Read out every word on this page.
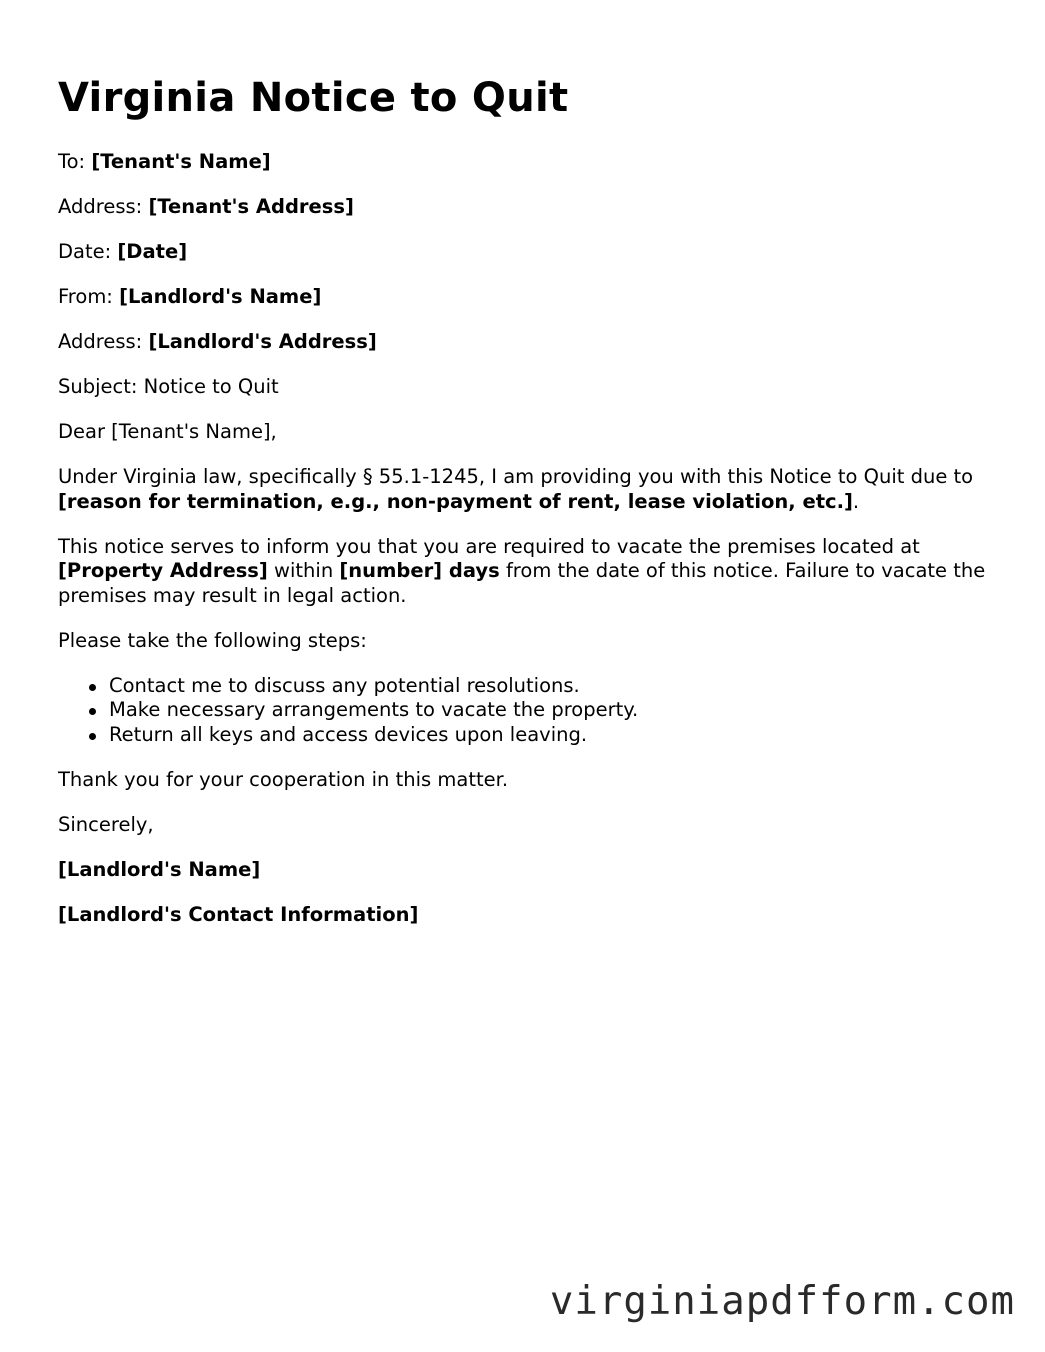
Virginia Notice to Quit

To: [Tenant's Name]

Address: [Tenant's Address]

Date: [Date]

From: [Landlord's Name]

Address: [Landlord's Address]

Subject: Notice to Quit

Dear [Tenant's Name],

Under Virginia law, specifically § 55.1-1245, I am providing you with this Notice to Quit due to [reason for termination, e.g., non-payment of rent, lease violation, etc.].

This notice serves to inform you that you are required to vacate the premises located at [Property Address] within [number] days from the date of this notice. Failure to vacate the premises may result in legal action.

Please take the following steps:

Contact me to discuss any potential resolutions.
Make necessary arrangements to vacate the property.
Return all keys and access devices upon leaving.

Thank you for your cooperation in this matter.

Sincerely,

[Landlord's Name]

[Landlord's Contact Information]

virginiapdfform.com
